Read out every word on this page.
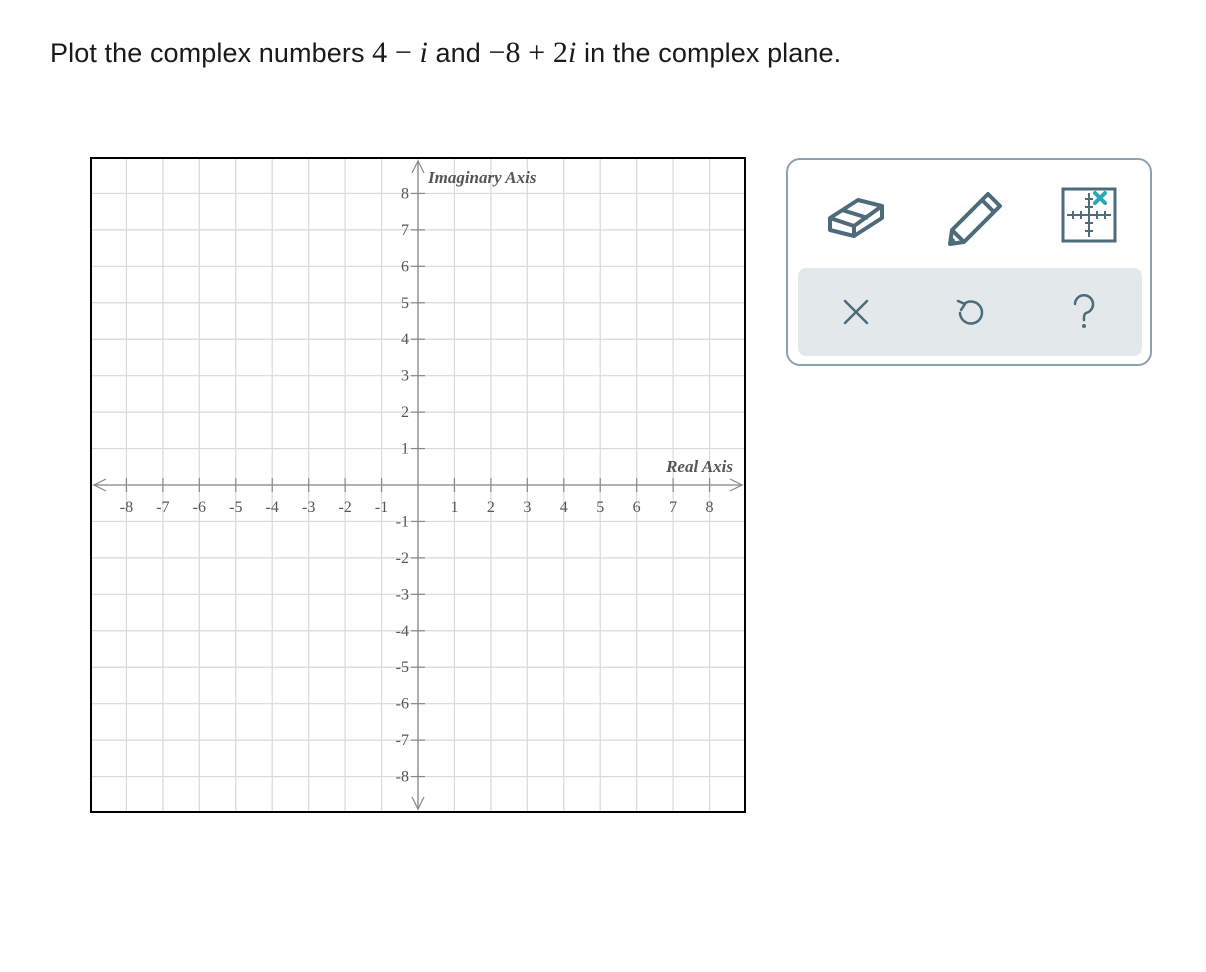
Plot the complex numbers 4 − i and −8 + 2i in the complex plane.
-8 -7 -6 -5 -4 -3 -2 -1	1 2 3 4 5 6 7 8
8
7
6
5
4
3
2
1
-1
-2
-3
-4
-5
-6
-7
-8
Imaginary Axis
Real Axis
